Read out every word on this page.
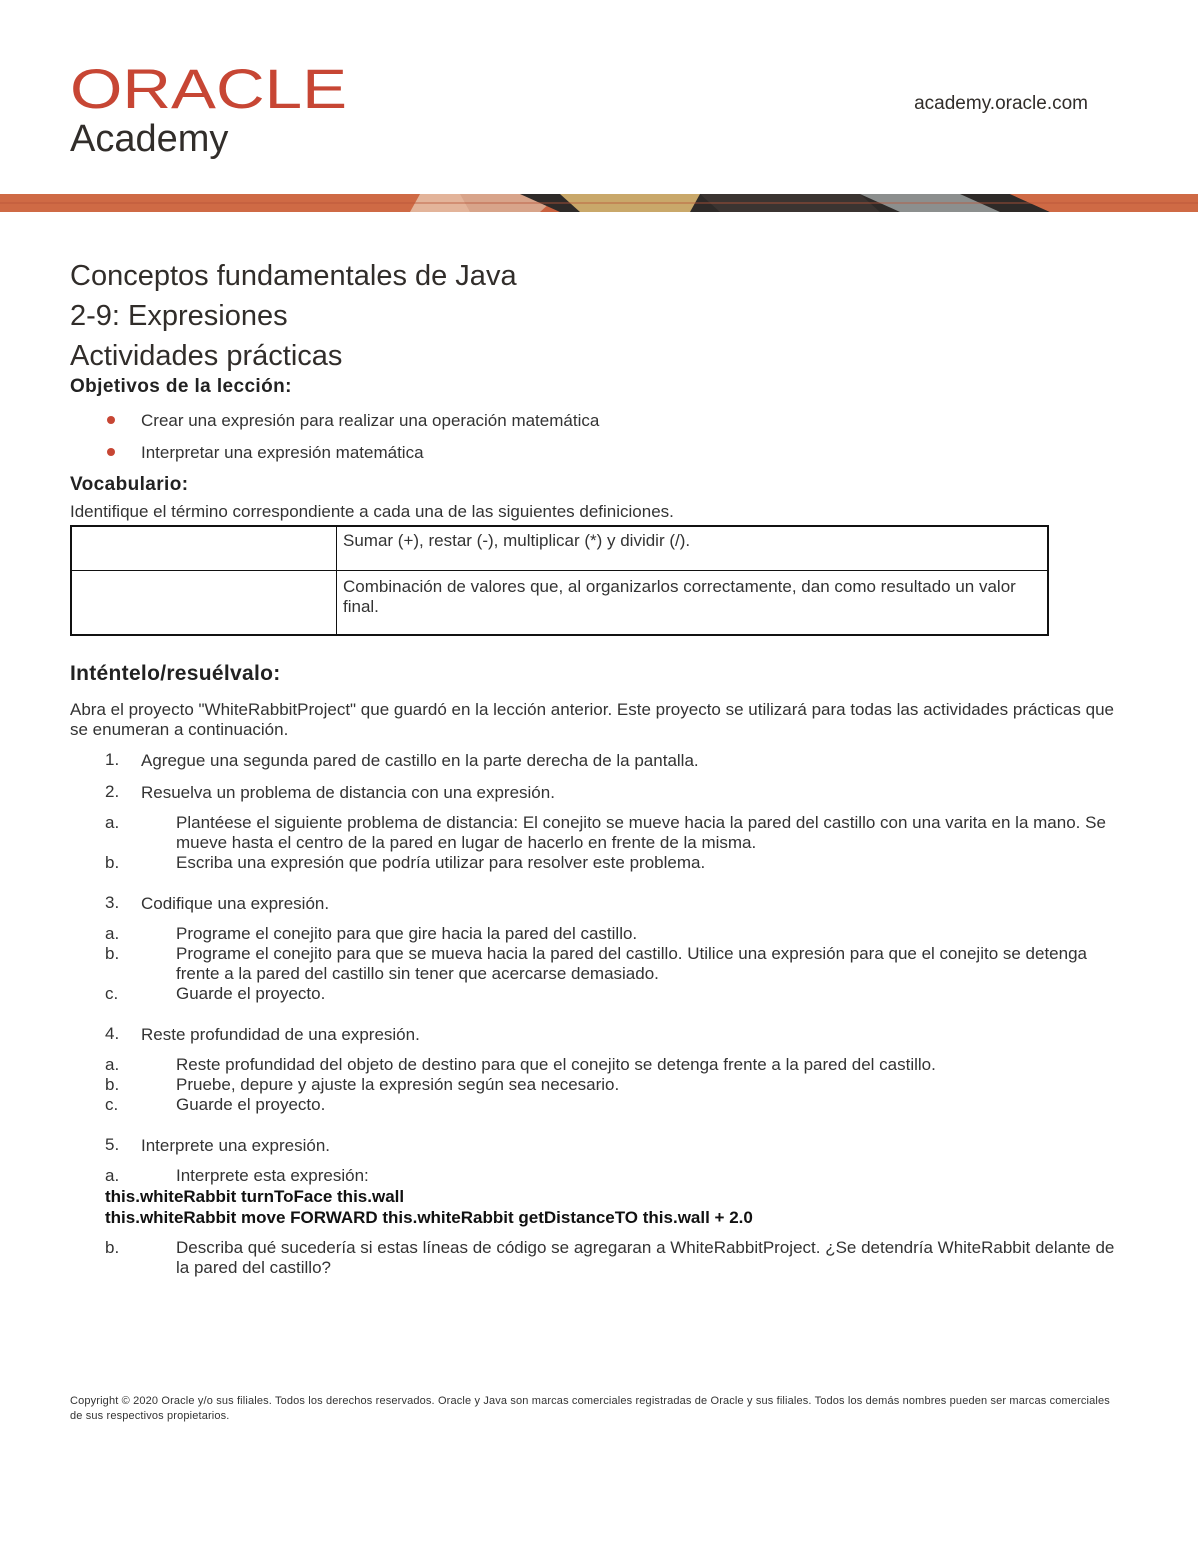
ORACLE
Academy
academy.oracle.com
Conceptos fundamentales de Java
2-9: Expresiones
Actividades prácticas
Objetivos de la lección:
Crear una expresión para realizar una operación matemática
Interpretar una expresión matemática
Vocabulario:

Identifique el término correspondiente a cada una de las siguientes definiciones.

	Sumar (+), restar (-), multiplicar (*) y dividir (/).
	Combinación de valores que, al organizarlos correctamente, dan como resultado un valor final.
Inténtelo/resuélvalo:

Abra el proyecto "WhiteRabbitProject" que guardó en la lección anterior. Este proyecto se utilizará para todas las actividades prácticas que se enumeran a continuación.

1. Agregue una segunda pared de castillo en la parte derecha de la pantalla.
2. Resuelva un problema de distancia con una expresión.
a.	Plantéese el siguiente problema de distancia: El conejito se mueve hacia la pared del castillo con una varita en la mano. Se mueve hasta el centro de la pared en lugar de hacerlo en frente de la misma.
b.	Escriba una expresión que podría utilizar para resolver este problema.
3. Codifique una expresión.
a.	Programe el conejito para que gire hacia la pared del castillo.
b.	Programe el conejito para que se mueva hacia la pared del castillo. Utilice una expresión para que el conejito se detenga frente a la pared del castillo sin tener que acercarse demasiado.
c.	Guarde el proyecto.
4. Reste profundidad de una expresión.
a.	Reste profundidad del objeto de destino para que el conejito se detenga frente a la pared del castillo.
b.	Pruebe, depure y ajuste la expresión según sea necesario.
c.	Guarde el proyecto.
5. Interprete una expresión.
a.	Interprete esta expresión:
this.whiteRabbit turnToFace this.wall
this.whiteRabbit move FORWARD this.whiteRabbit getDistanceTO this.wall + 2.0
b.	Describa qué sucedería si estas líneas de código se agregaran a WhiteRabbitProject. ¿Se detendría WhiteRabbit delante de la pared del castillo?
Copyright © 2020 Oracle y/o sus filiales. Todos los derechos reservados. Oracle y Java son marcas comerciales registradas de Oracle y sus filiales. Todos los demás nombres pueden ser marcas comerciales de sus respectivos propietarios.
